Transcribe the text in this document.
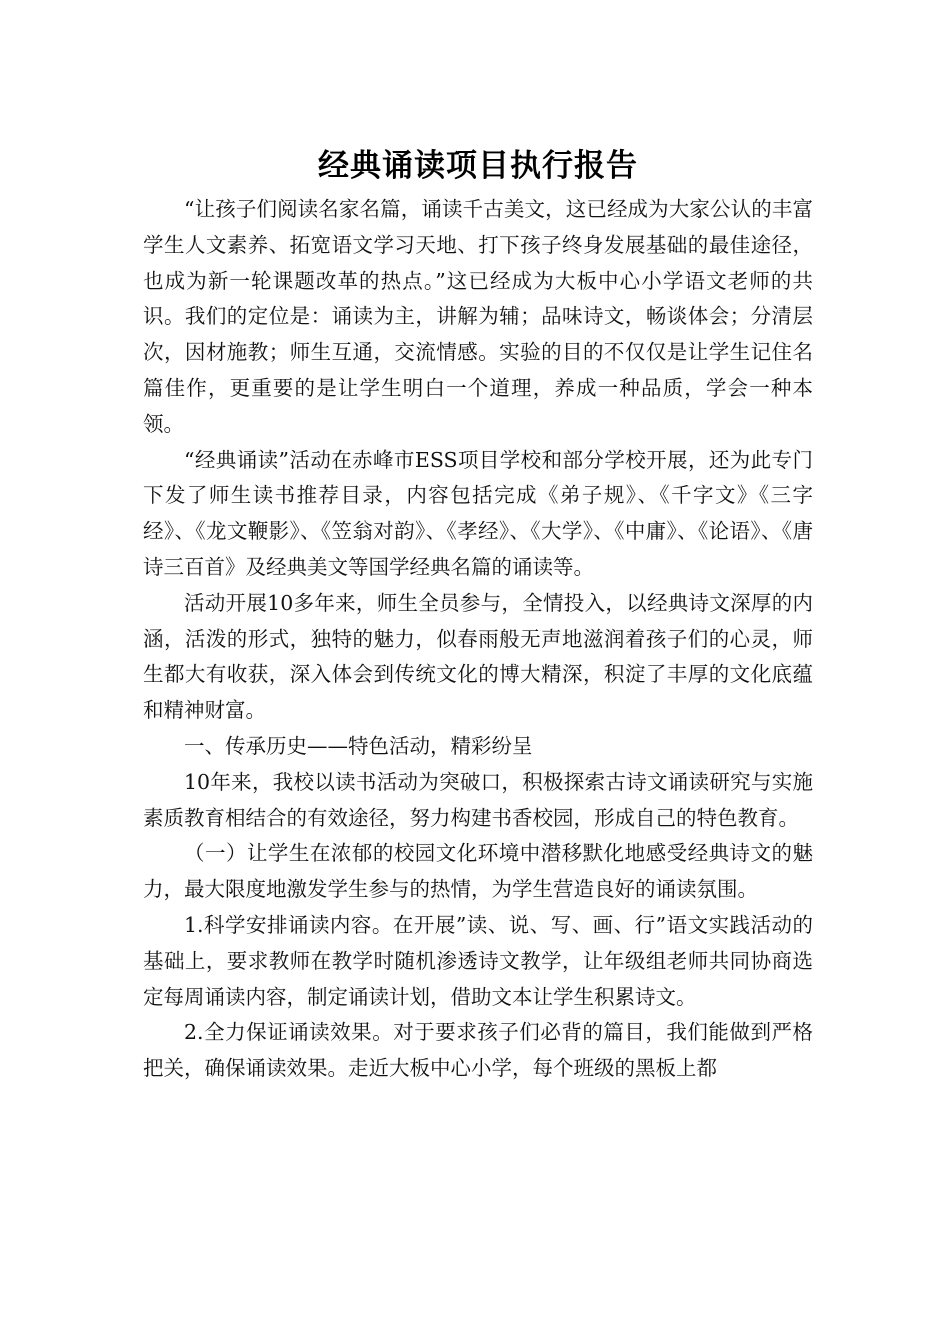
经典诵读项目执行报告

“让孩子们阅读名家名篇，诵读千古美文，这已经成为大家公认的丰富学生人文素养、拓宽语文学习天地、打下孩子终身发展基础的最佳途径，也成为新一轮课题改革的热点。”这已经成为大板中心小学语文老师的共识。我们的定位是：诵读为主，讲解为辅；品味诗文，畅谈体会；分清层次，因材施教；师生互通，交流情感。实验的目的不仅仅是让学生记住名篇佳作，更重要的是让学生明白一个道理，养成一种品质，学会一种本领。

“经典诵读”活动在赤峰市ESS项目学校和部分学校开展，还为此专门下发了师生读书推荐目录，内容包括完成《弟子规》、《千字文》《三字经》、《龙文鞭影》、《笠翁对韵》、《孝经》、《大学》、《中庸》、《论语》、《唐诗三百首》及经典美文等国学经典名篇的诵读等。

活动开展10多年来，师生全员参与，全情投入，以经典诗文深厚的内涵，活泼的形式，独特的魅力，似春雨般无声地滋润着孩子们的心灵，师生都大有收获，深入体会到传统文化的博大精深，积淀了丰厚的文化底蕴和精神财富。

一、传承历史——特色活动，精彩纷呈

10年来，我校以读书活动为突破口，积极探索古诗文诵读研究与实施素质教育相结合的有效途径，努力构建书香校园，形成自己的特色教育。

（一）让学生在浓郁的校园文化环境中潜移默化地感受经典诗文的魅力，最大限度地激发学生参与的热情，为学生营造良好的诵读氛围。

1.科学安排诵读内容。在开展”读、说、写、画、行”语文实践活动的基础上，要求教师在教学时随机渗透诗文教学，让年级组老师共同协商选定每周诵读内容，制定诵读计划，借助文本让学生积累诗文。

2.全力保证诵读效果。对于要求孩子们必背的篇目，我们能做到严格把关，确保诵读效果。走近大板中心小学，每个班级的黑板上都
